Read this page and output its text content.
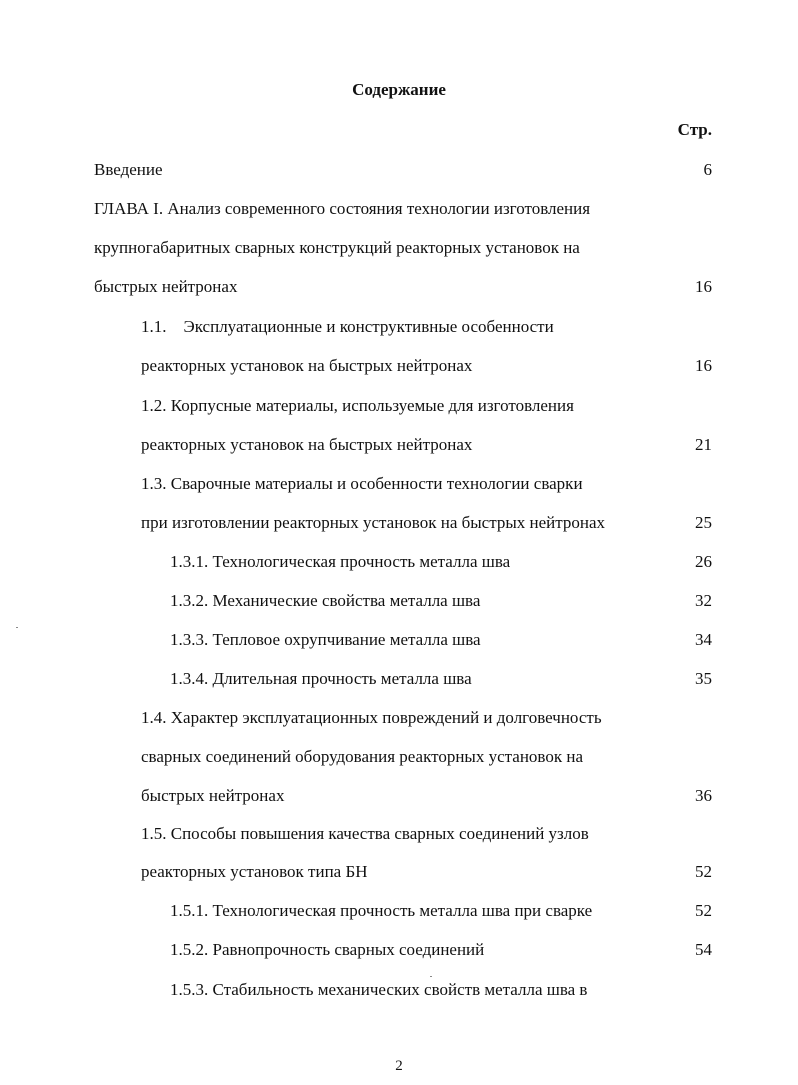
Содержание
Стр.
Введение	6
ГЛАВА I. Анализ современного состояния технологии изготовления
крупногабаритных сварных конструкций реакторных установок на
быстрых нейтронах	16
1.1.    Эксплуатационные и конструктивные особенности
реакторных установок на быстрых нейтронах	16
1.2. Корпусные материалы, используемые для изготовления
реакторных установок на быстрых нейтронах	21
1.3. Сварочные материалы и особенности технологии сварки
при изготовлении реакторных установок на быстрых нейтронах	25
1.3.1. Технологическая прочность металла шва	26
1.3.2. Механические свойства металла шва	32
1.3.3. Тепловое охрупчивание металла шва	34
1.3.4. Длительная прочность металла шва	35
1.4. Характер эксплуатационных повреждений и долговечность
сварных соединений оборудования реакторных установок на
быстрых нейтронах	36
1.5. Способы повышения качества сварных соединений узлов
реакторных установок типа БН	52
1.5.1. Технологическая прочность металла шва при сварке	52
1.5.2. Равнопрочность сварных соединений	54
1.5.3. Стабильность механических свойств металла шва в
2
